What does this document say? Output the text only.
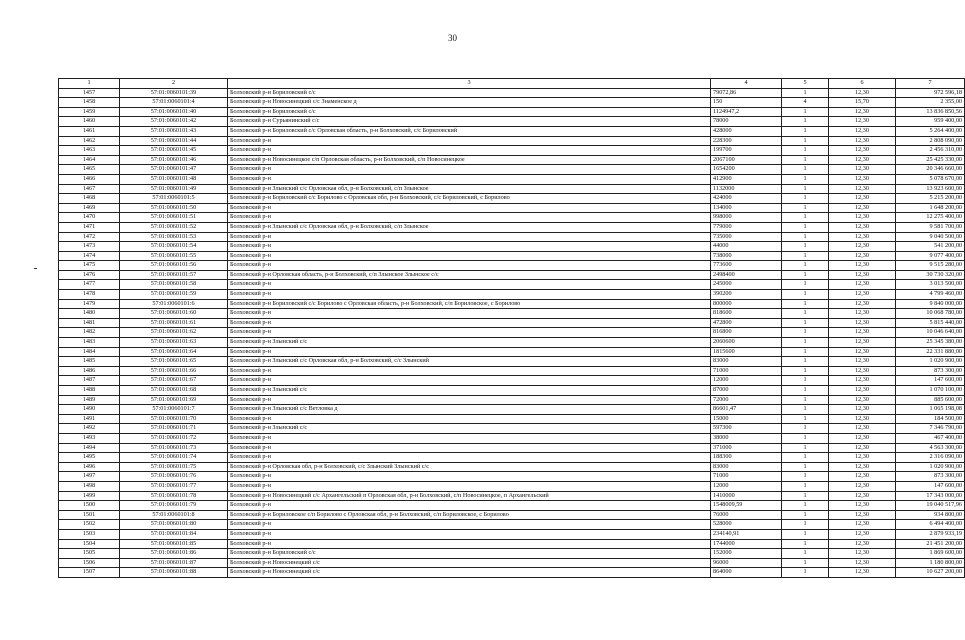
30
1	2	3	4	5	6	7
1457	57:01:0060101:39	Болховский р-н Бориловский с/с	79072,86	1	12,30	972 596,18
1458	57:01:0060101:4	Болховский р-н Новосинецкий с/с Знаменское д	150	4	15,70	2 355,00
1459	57:01:0060101:40	Болховский р-н Бориловский с/с	1124947,2	1	12,30	13 836 850,56
1460	57:01:0060101:42	Болховский р-н Сурьянинский с/с	78000	1	12,30	959 400,00
1461	57:01:0060101:43	Болховский р-н Бориловский с/с Орловская область, р-н Болховский, с/с Бориловский	428000	1	12,30	5 264 400,00
1462	57:01:0060101:44	Болховский р-н	228300	1	12,30	2 808 090,00
1463	57:01:0060101:45	Болховский р-н	199700	1	12,30	2 456 310,00
1464	57:01:0060101:46	Болховский р-н Новосинецкое с/п Орловская область, р-н Болховский, с/п Новосинецкое	2067100	1	12,30	25 425 330,00
1465	57:01:0060101:47	Болховский р-н	1654200	1	12,30	20 346 660,00
1466	57:01:0060101:48	Болховский р-н	412900	1	12,30	5 078 670,00
1467	57:01:0060101:49	Болховский р-н Злынский с/с Орловская обл, р-н Болховский, с/п Злынское	1132000	1	12,30	13 923 600,00
1468	57:01:0060101:5	Болховский р-н Бориловский с/с Борилово с Орловская обл, р-н Болховский, с/с Бориловский, с Борилово	424000	1	12,30	5 215 200,00
1469	57:01:0060101:50	Болховский р-н	134000	1	12,30	1 648 200,00
1470	57:01:0060101:51	Болховский р-н	998000	1	12,30	12 275 400,00
1471	57:01:0060101:52	Болховский р-н Злынский с/с Орловская обл, р-н Болховский, с/п Злынское	779000	1	12,30	9 581 700,00
1472	57:01:0060101:53	Болховский р-н	735000	1	12,30	9 040 500,00
1473	57:01:0060101:54	Болховский р-н	44000	1	12,30	541 200,00
1474	57:01:0060101:55	Болховский р-н	738000	1	12,30	9 077 400,00
1475	57:01:0060101:56	Болховский р-н	773600	1	12,30	9 515 280,00
1476	57:01:0060101:57	Болховский р-н Орловская область, р-н Болховский, с/п Злынское Злынское с/с	2498400	1	12,30	30 730 320,00
1477	57:01:0060101:58	Болховский р-н	245000	1	12,30	3 013 500,00
1478	57:01:0060101:59	Болховский р-н	390200	1	12,30	4 799 460,00
1479	57:01:0060101:6	Болховский р-н Бориловский с/с Борилово с Орловская область, р-н Болховский, с/п Бориловское, с Борилово	800000	1	12,30	9 840 000,00
1480	57:01:0060101:60	Болховский р-н	818600	1	12,30	10 068 780,00
1481	57:01:0060101:61	Болховский р-н	472800	1	12,30	5 815 440,00
1482	57:01:0060101:62	Болховский р-н	816800	1	12,30	10 046 640,00
1483	57:01:0060101:63	Болховский р-н Злынский с/с	2060600	1	12,30	25 345 380,00
1484	57:01:0060101:64	Болховский р-н	1815600	1	12,30	22 331 880,00
1485	57:01:0060101:65	Болховский р-н Злынский с/с Орловская обл, р-н Болховский, с/с Злынский	83000	1	12,30	1 020 900,00
1486	57:01:0060101:66	Болховский р-н	71000	1	12,30	873 300,00
1487	57:01:0060101:67	Болховский р-н	12000	1	12,30	147 600,00
1488	57:01:0060101:68	Болховский р-н Злынский с/с	87000	1	12,30	1 070 100,00
1489	57:01:0060101:69	Болховский р-н	72000	1	12,30	885 600,00
1490	57:01:0060101:7	Болховский р-н Злынский с/с Ветловка д	86601,47	1	12,30	1 065 198,08
1491	57:01:0060101:70	Болховский р-н	15000	1	12,30	184 500,00
1492	57:01:0060101:71	Болховский р-н Злынский с/с	597300	1	12,30	7 346 790,00
1493	57:01:0060101:72	Болховский р-н	38000	1	12,30	467 400,00
1494	57:01:0060101:73	Болховский р-н	371000	1	12,30	4 563 300,00
1495	57:01:0060101:74	Болховский р-н	188300	1	12,30	2 316 090,00
1496	57:01:0060101:75	Болховский р-н Орловская обл, р-н Болховский, с/с Злынский Злынский с/с	83000	1	12,30	1 020 900,00
1497	57:01:0060101:76	Болховский р-н	71000	1	12,30	873 300,00
1498	57:01:0060101:77	Болховский р-н	12000	1	12,30	147 600,00
1499	57:01:0060101:78	Болховский р-н Новосинецкий с/с Архангельский п Орловская обл, р-н Болховский, с/п Новосинецкое, п Архангельский	1410000	1	12,30	17 343 000,00
1500	57:01:0060101:79	Болховский р-н	1548009,59	1	12,30	19 040 517,96
1501	57:01:0060101:8	Болховский р-н Бориловское с/п Борилово с Орловская обл, р-н Болховский, с/п Бориловское, с Борилово	76000	1	12,30	934 800,00
1502	57:01:0060101:80	Болховский р-н	528000	1	12,30	6 494 400,00
1503	57:01:0060101:84	Болховский р-н	234140,91	1	12,30	2 879 933,19
1504	57:01:0060101:85	Болховский р-н	1744000	1	12,30	21 451 200,00
1505	57:01:0060101:86	Болховский р-н Бориловский с/с	152000	1	12,30	1 869 600,00
1506	57:01:0060101:87	Болховский р-н Новосинецкий с/с	96000	1	12,30	1 180 800,00
1507	57:01:0060101:88	Болховский р-н Новосинецкий с/с	864000	1	12,30	10 627 200,00
